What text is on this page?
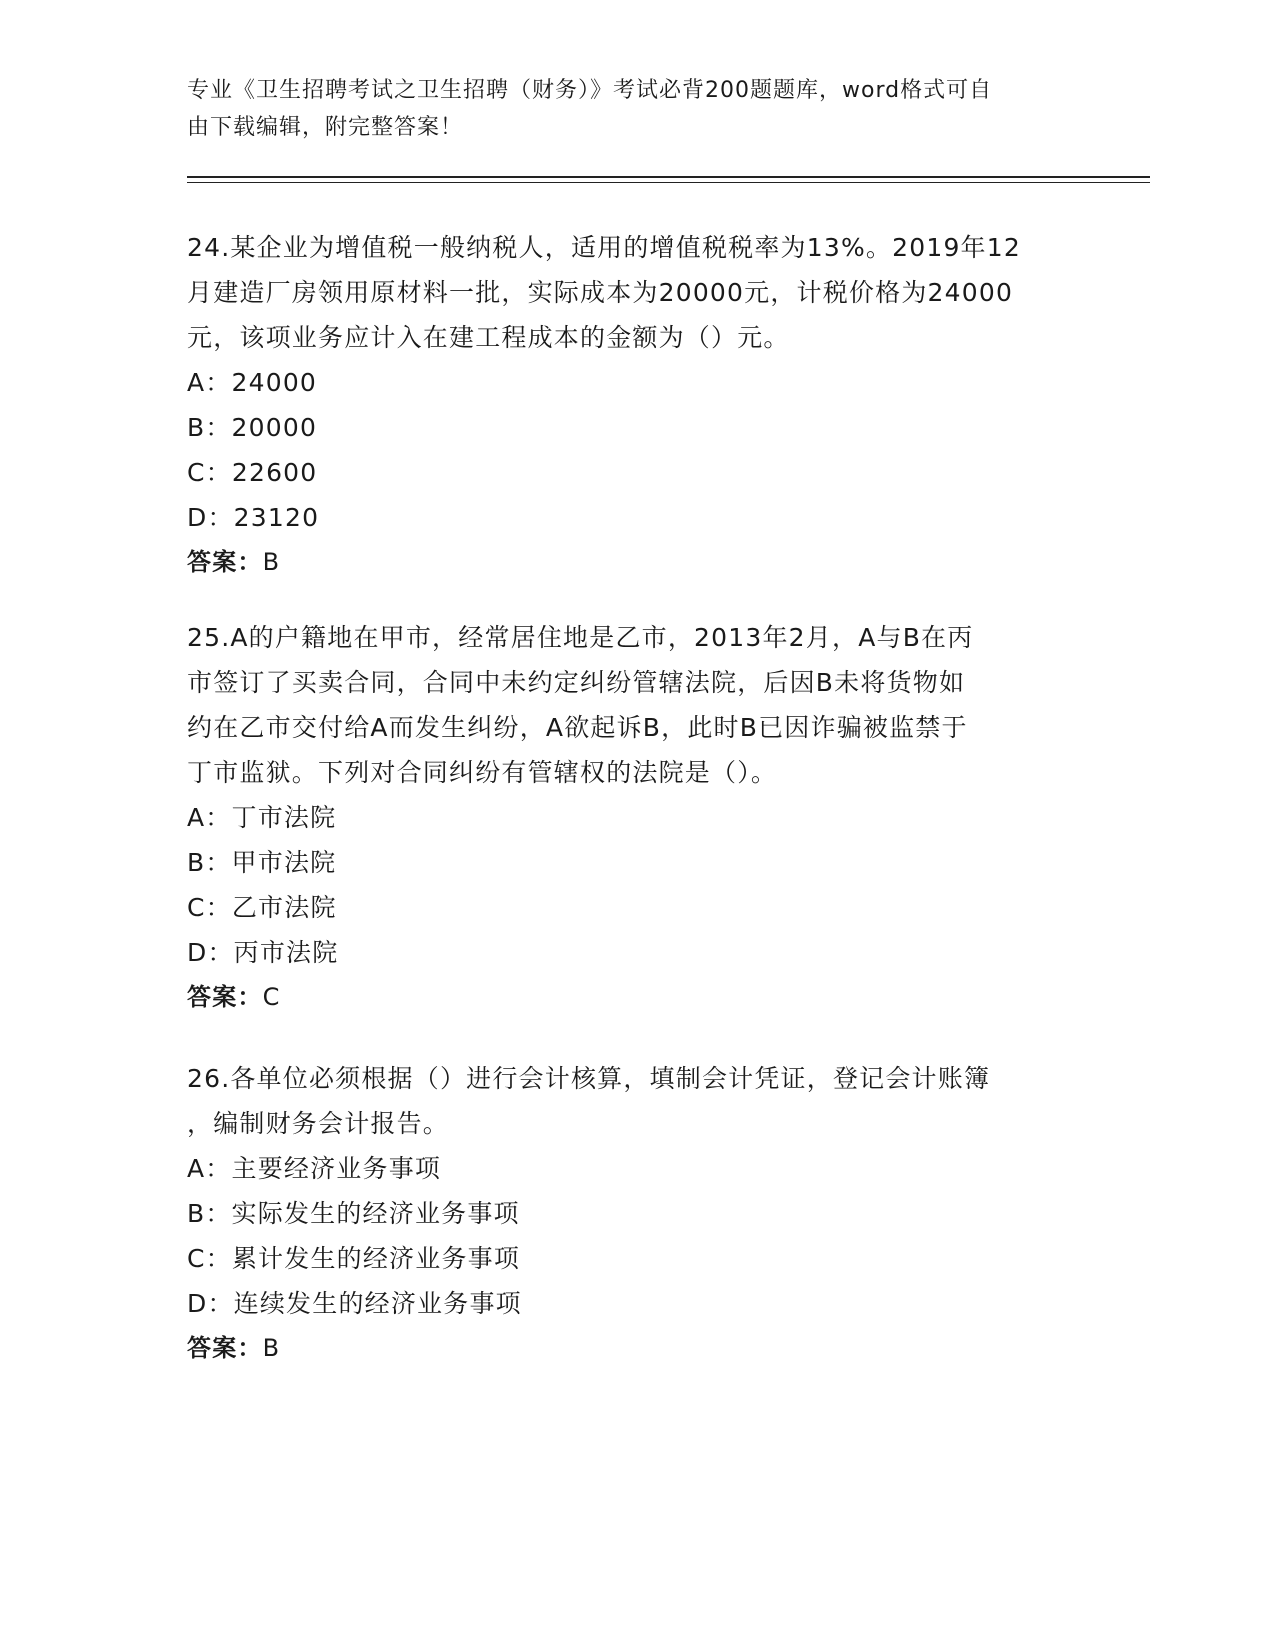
专业《卫生招聘考试之卫生招聘（财务）》考试必背200题题库，word格式可自
由下载编辑，附完整答案！

24.某企业为增值税一般纳税人，适用的增值税税率为13%。2019年12

月建造厂房领用原材料一批，实际成本为20000元，计税价格为24000

元，该项业务应计入在建工程成本的金额为（）元。

A：24000

B：20000

C：22600

D：23120

答案：B

25.A的户籍地在甲市，经常居住地是乙市，2013年2月，A与B在丙

市签订了买卖合同，合同中未约定纠纷管辖法院，后因B未将货物如

约在乙市交付给A而发生纠纷，A欲起诉B，此时B已因诈骗被监禁于

丁市监狱。下列对合同纠纷有管辖权的法院是（）。

A：丁市法院

B：甲市法院

C：乙市法院

D：丙市法院

答案：C

26.各单位必须根据（）进行会计核算，填制会计凭证，登记会计账簿

，编制财务会计报告。

A：主要经济业务事项

B：实际发生的经济业务事项

C：累计发生的经济业务事项

D：连续发生的经济业务事项

答案：B
